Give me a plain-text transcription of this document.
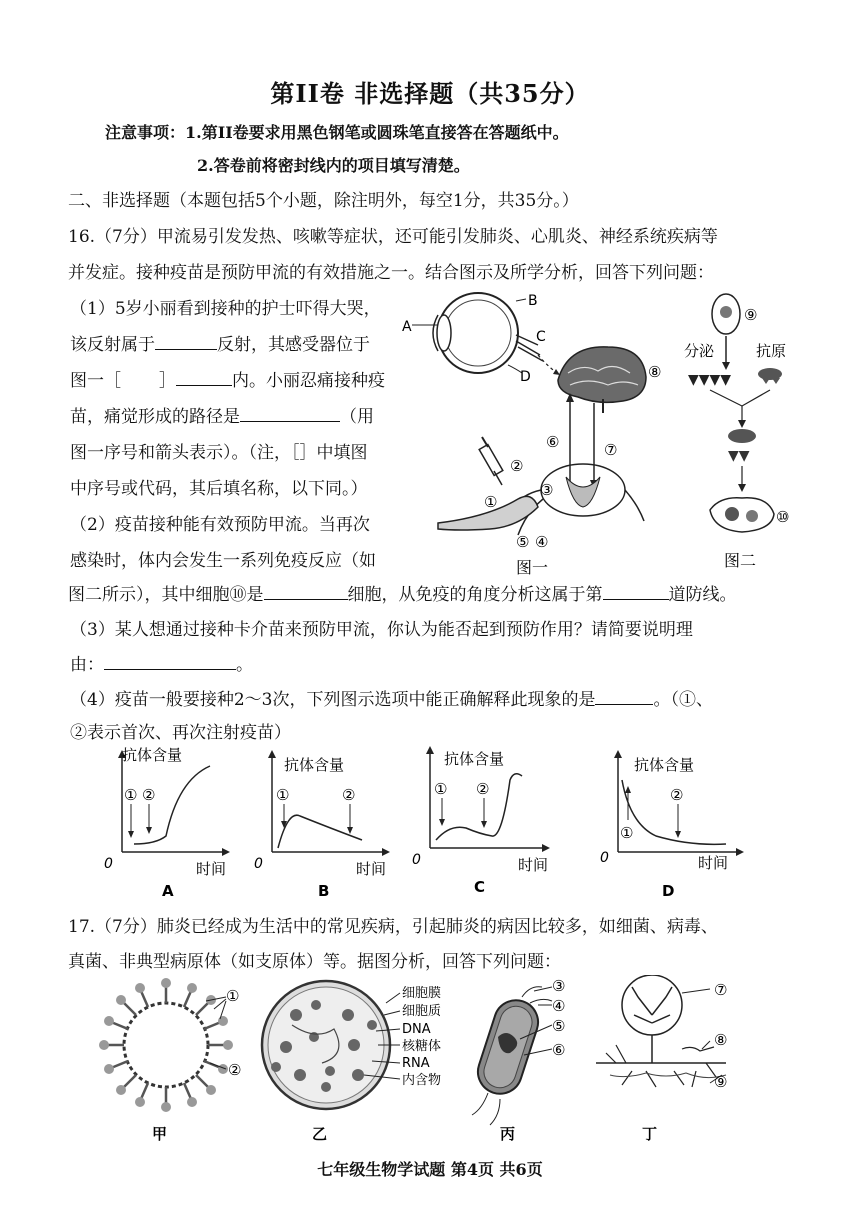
第II卷 非选择题（共35分）
注意事项：1.第II卷要求用黑色钢笔或圆珠笔直接答在答题纸中。
2.答卷前将密封线内的项目填写清楚。
二、非选择题（本题包括5个小题，除注明外，每空1分，共35分。）
16.（7分）甲流易引发发热、咳嗽等症状，还可能引发肺炎、心肌炎、神经系统疾病等
并发症。接种疫苗是预防甲流的有效措施之一。结合图示及所学分析，回答下列问题：
（1）5岁小丽看到接种的护士吓得大哭，
该反射属于	反射，其感受器位于
图一［ ］	内。小丽忍痛接种疫
苗，痛觉形成的路径是	（用
图一序号和箭头表示）。（注，［］中填图
中序号或代码，其后填名称，以下同。）
（2）疫苗接种能有效预防甲流。当再次
感染时，体内会发生一系列免疫反应（如
图二所示），其中细胞⑩是	细胞，从免疫的角度分析这属于第	道防线。
（3）某人想通过接种卡介苗来预防甲流，你认为能否起到预防作用？请简要说明理
由：	。
（4）疫苗一般要接种2～3次，下列图示选项中能正确解释此现象的是	。（①、
②表示首次、再次注射疫苗）
A
B
C
D	⑧
⑥	⑦
③
②
①
⑤ ④
图一
⑨
分泌	抗原
▼▼▼▼
▼▼
⑩
图二
抗体含量
时间
0
① ②
A
抗体含量
时间
0
①	②
B
抗体含量
时间
0
① ②
C
抗体含量
时间
0
①
②
D
17.（7分）肺炎已经成为生活中的常见疾病，引起肺炎的病因比较多，如细菌、病毒、
真菌、非典型病原体（如支原体）等。据图分析，回答下列问题：
①
②
甲
细胞膜
细胞质
DNA
核糖体
RNA
内含物
乙
③
④
⑤
⑥
丙
⑦
⑧
⑨
丁
七年级生物学试题 第4页 共6页
